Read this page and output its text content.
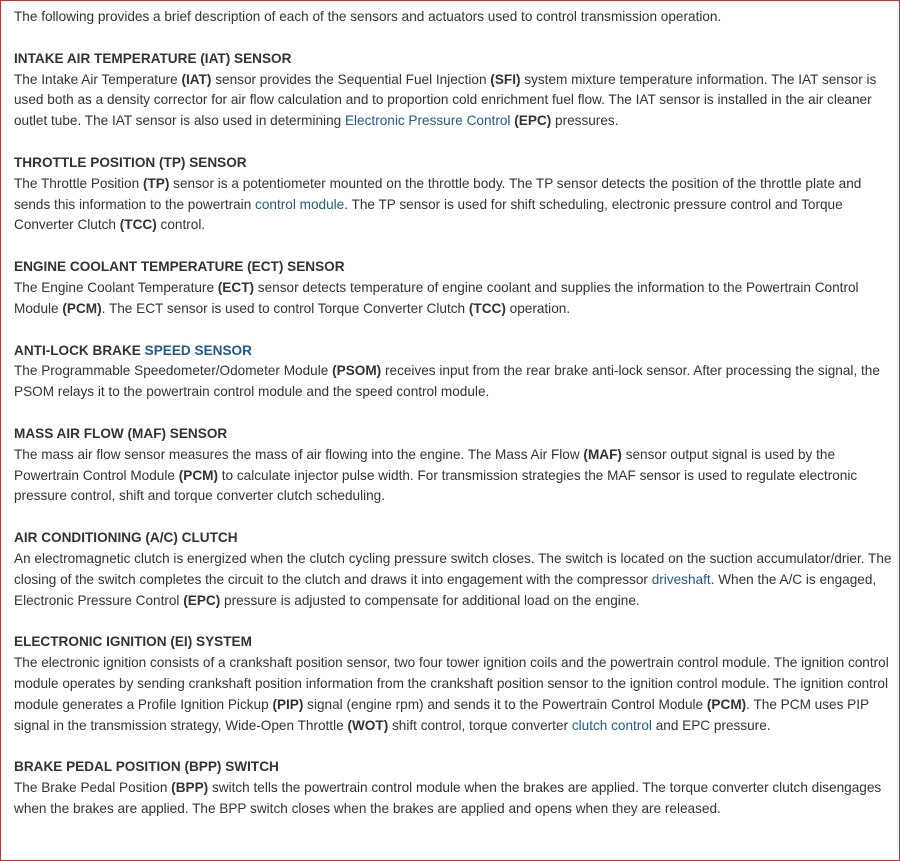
The following provides a brief description of each of the sensors and actuators used to control transmission operation.

INTAKE AIR TEMPERATURE (IAT) SENSOR

The Intake Air Temperature (IAT) sensor provides the Sequential Fuel Injection (SFI) system mixture temperature information. The IAT sensor is used both as a density corrector for air flow calculation and to proportion cold enrichment fuel flow. The IAT sensor is installed in the air cleaner outlet tube. The IAT sensor is also used in determining Electronic Pressure Control (EPC) pressures.

THROTTLE POSITION (TP) SENSOR

The Throttle Position (TP) sensor is a potentiometer mounted on the throttle body. The TP sensor detects the position of the throttle plate and sends this information to the powertrain control module. The TP sensor is used for shift scheduling, electronic pressure control and Torque Converter Clutch (TCC) control.

ENGINE COOLANT TEMPERATURE (ECT) SENSOR

The Engine Coolant Temperature (ECT) sensor detects temperature of engine coolant and supplies the information to the Powertrain Control Module (PCM). The ECT sensor is used to control Torque Converter Clutch (TCC) operation.

ANTI-LOCK BRAKE SPEED SENSOR

The Programmable Speedometer/Odometer Module (PSOM) receives input from the rear brake anti-lock sensor. After processing the signal, the PSOM relays it to the powertrain control module and the speed control module.

MASS AIR FLOW (MAF) SENSOR

The mass air flow sensor measures the mass of air flowing into the engine. The Mass Air Flow (MAF) sensor output signal is used by the Powertrain Control Module (PCM) to calculate injector pulse width. For transmission strategies the MAF sensor is used to regulate electronic pressure control, shift and torque converter clutch scheduling.

AIR CONDITIONING (A/C) CLUTCH

An electromagnetic clutch is energized when the clutch cycling pressure switch closes. The switch is located on the suction accumulator/drier. The closing of the switch completes the circuit to the clutch and draws it into engagement with the compressor driveshaft. When the A/C is engaged, Electronic Pressure Control (EPC) pressure is adjusted to compensate for additional load on the engine.

ELECTRONIC IGNITION (EI) SYSTEM

The electronic ignition consists of a crankshaft position sensor, two four tower ignition coils and the powertrain control module. The ignition control module operates by sending crankshaft position information from the crankshaft position sensor to the ignition control module. The ignition control module generates a Profile Ignition Pickup (PIP) signal (engine rpm) and sends it to the Powertrain Control Module (PCM). The PCM uses PIP signal in the transmission strategy, Wide-Open Throttle (WOT) shift control, torque converter clutch control and EPC pressure.

BRAKE PEDAL POSITION (BPP) SWITCH

The Brake Pedal Position (BPP) switch tells the powertrain control module when the brakes are applied. The torque converter clutch disengages when the brakes are applied. The BPP switch closes when the brakes are applied and opens when they are released.
